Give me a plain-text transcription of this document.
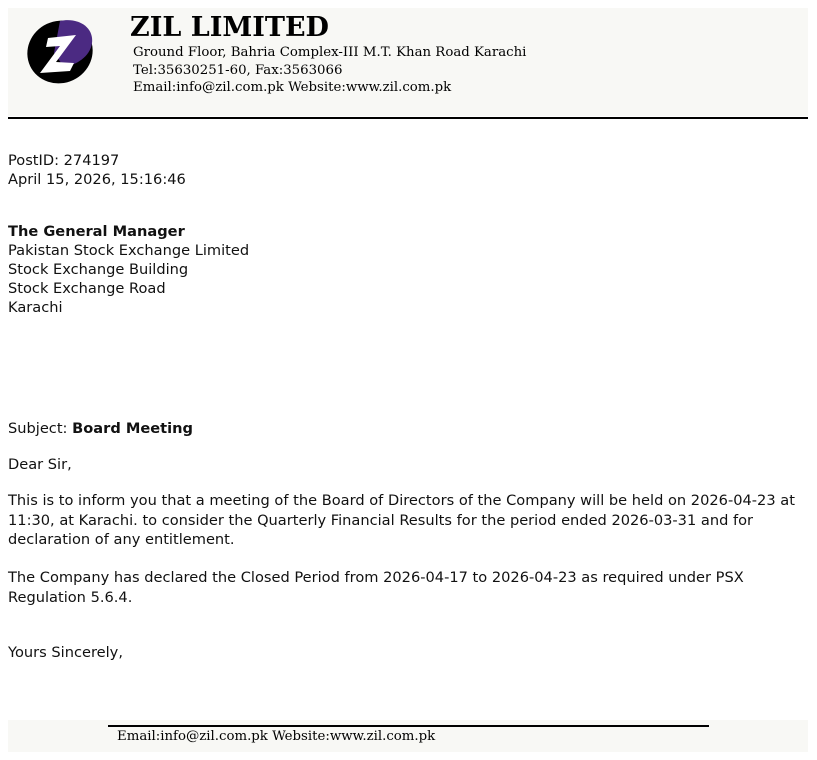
ZIL LIMITED
Ground Floor, Bahria Complex-III M.T. Khan Road Karachi
Tel:35630251-60, Fax:3563066
Email:info@zil.com.pk Website:www.zil.com.pk
PostID: 274197
April 15, 2026, 15:16:46
The General Manager
Pakistan Stock Exchange Limited
Stock Exchange Building
Stock Exchange Road
Karachi
Subject: Board Meeting
Dear Sir,
This is to inform you that a meeting of the Board of Directors of the Company will be held on 2026-04-23 at 11:30, at Karachi. to consider the Quarterly Financial Results for the period ended 2026-03-31 and for declaration of any entitlement.
The Company has declared the Closed Period from 2026-04-17 to 2026-04-23 as required under PSX Regulation 5.6.4.
Yours Sincerely,
Email:info@zil.com.pk Website:www.zil.com.pk
